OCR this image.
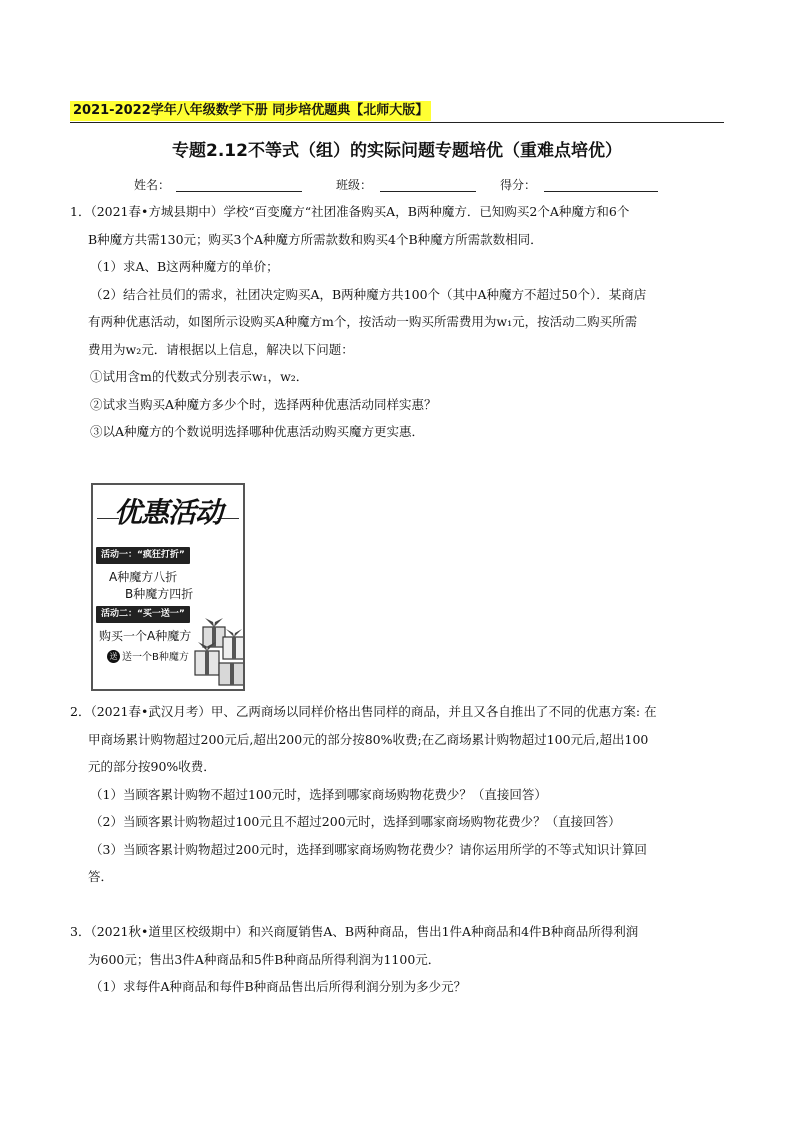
2021-2022学年八年级数学下册 同步培优题典【北师大版】
专题2.12不等式（组）的实际问题专题培优（重难点培优）
姓名：	班级：	得分：

1．（2021春•方城县期中）学校“百变魔方“社团准备购买A，B两种魔方．已知购买2个A种魔方和6个

B种魔方共需130元；购买3个A种魔方所需款数和购买4个B种魔方所需款数相同．

（1）求A、B这两种魔方的单价；

（2）结合社员们的需求，社团决定购买A，B两种魔方共100个（其中A种魔方不超过50个）．某商店

有两种优惠活动，如图所示设购买A种魔方m个，按活动一购买所需费用为w₁元，按活动二购买所需

费用为w₂元．请根据以上信息，解决以下问题：

①试用含m的代数式分别表示w₁，w₂．

②试求当购买A种魔方多少个时，选择两种优惠活动同样实惠？

③以A种魔方的个数说明选择哪种优惠活动购买魔方更实惠．

优惠活动
活动一：“疯狂打折”
A种魔方八折
B种魔方四折
活动二：“买一送一”
购买一个A种魔方
送 送一个B种魔方

2．（2021春•武汉月考）甲、乙两商场以同样价格出售同样的商品，并且又各自推出了不同的优惠方案: 在

甲商场累计购物超过200元后,超出200元的部分按80%收费;在乙商场累计购物超过100元后,超出100

元的部分按90%收费．

（1）当顾客累计购物不超过100元时，选择到哪家商场购物花费少？（直接回答）

（2）当顾客累计购物超过100元且不超过200元时，选择到哪家商场购物花费少？（直接回答）

（3）当顾客累计购物超过200元时，选择到哪家商场购物花费少？请你运用所学的不等式知识计算回

答．

3．（2021秋•道里区校级期中）和兴商厦销售A、B两种商品，售出1件A种商品和4件B种商品所得利润

为600元；售出3件A种商品和5件B种商品所得利润为1100元．

（1）求每件A种商品和每件B种商品售出后所得利润分别为多少元？
